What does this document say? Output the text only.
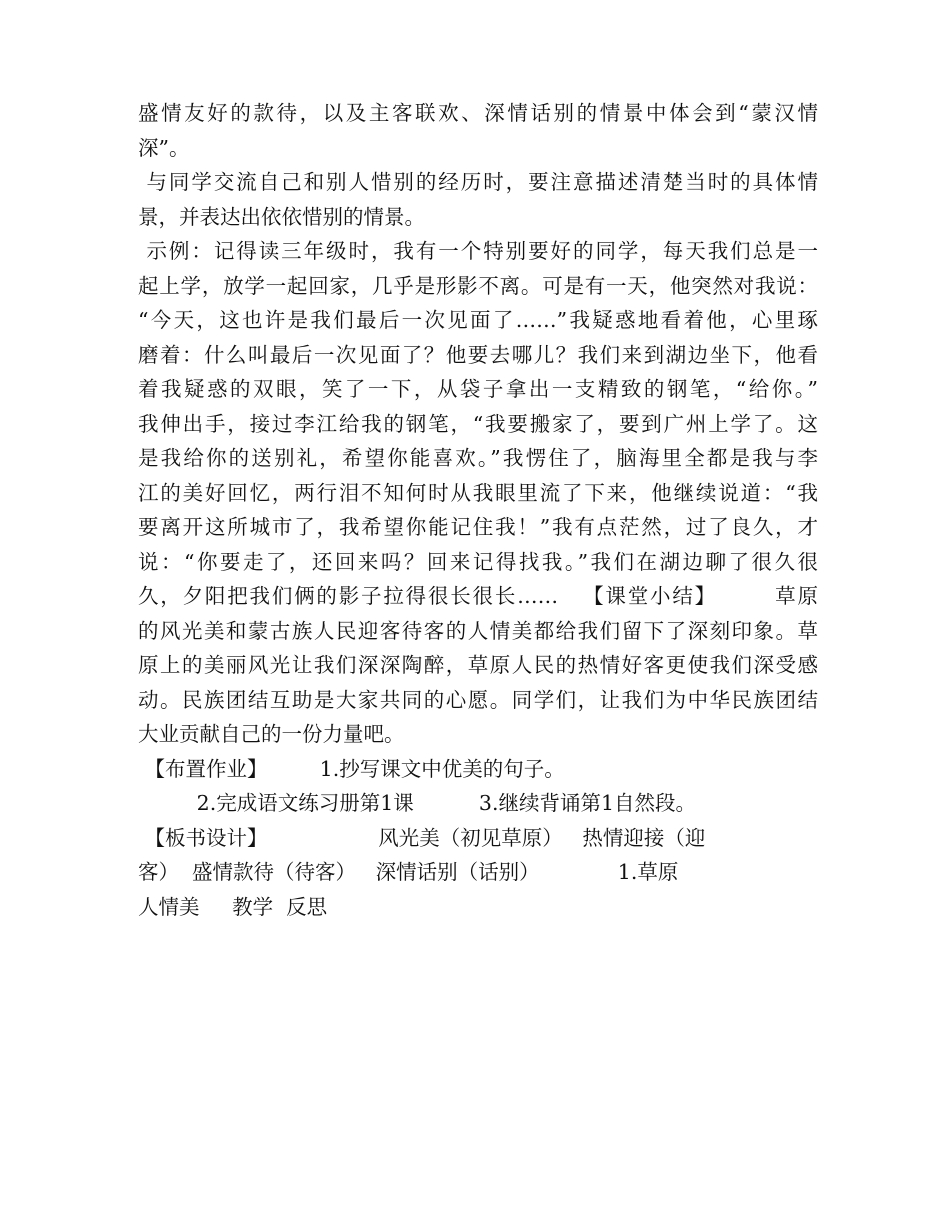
盛情友好的款待，以及主客联欢、深情话别的情景中体会到“蒙汉情
深”。
与同学交流自己和别人惜别的经历时，要注意描述清楚当时的具体情
景，并表达出依依惜别的情景。
示例：记得读三年级时，我有一个特别要好的同学，每天我们总是一
起上学，放学一起回家，几乎是形影不离。可是有一天，他突然对我说：
“今天，这也许是我们最后一次见面了……”我疑惑地看着他，心里琢
磨着：什么叫最后一次见面了？他要去哪儿？我们来到湖边坐下，他看
着我疑惑的双眼，笑了一下，从袋子拿出一支精致的钢笔，“给你。”
我伸出手，接过李江给我的钢笔，“我要搬家了，要到广州上学了。这
是我给你的送别礼，希望你能喜欢。”我愣住了，脑海里全都是我与李
江的美好回忆，两行泪不知何时从我眼里流了下来，他继续说道：“我
要离开这所城市了，我希望你能记住我！”我有点茫然，过了良久，才
说：“你要走了，还回来吗？回来记得找我。”我们在湖边聊了很久很
久，夕阳把我们俩的影子拉得很长很长……   【课堂小结】       草原
的风光美和蒙古族人民迎客待客的人情美都给我们留下了深刻印象。草
原上的美丽风光让我们深深陶醉，草原人民的热情好客更使我们深受感
动。民族团结互助是大家共同的心愿。同学们，让我们为中华民族团结
大业贡献自己的一份力量吧。
【布置作业】        1.抄写课文中优美的句子。
2.完成语文练习册第1课          3.继续背诵第1自然段。
【板书设计】                 风光美（初见草原）   热情迎接（迎
客）  盛情款待（待客）   深情话别（话别）            1.草原
人情美     教学  反思
